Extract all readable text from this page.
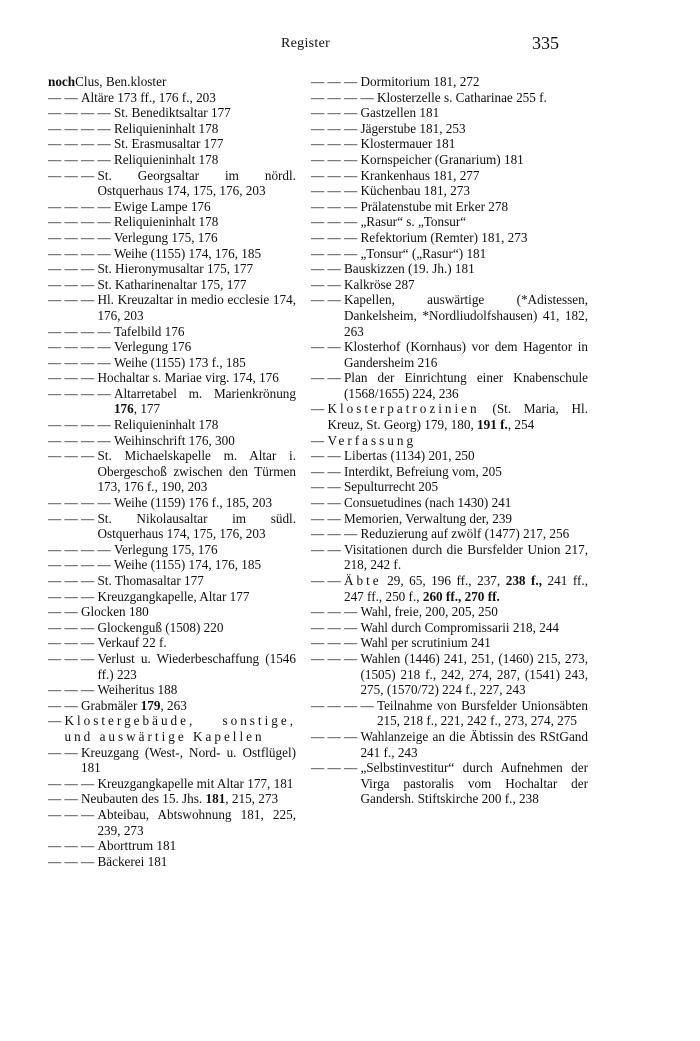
Register	335
noch Clus, Ben.kloster
— — Altäre 173 ff., 176 f., 203
— — — — St. Benediktsaltar 177
— — — — Reliquieninhalt 178
— — — — St. Erasmusaltar 177
— — — — Reliquieninhalt 178
— — — St. Georgsaltar im nördl. Ostquerhaus 174, 175, 176, 203
— — — — Ewige Lampe 176
— — — — Reliquieninhalt 178
— — — — Verlegung 175, 176
— — — — Weihe (1155) 174, 176, 185
— — — St. Hieronymusaltar 175, 177
— — — St. Katharinenaltar 175, 177
— — — Hl. Kreuzaltar in medio ecclesie 174, 176, 203
— — — — Tafelbild 176
— — — — Verlegung 176
— — — — Weihe (1155) 173 f., 185
— — — Hochaltar s. Mariae virg. 174, 176
— — — — Altarretabel m. Marienkrönung 176, 177
— — — — Reliquieninhalt 178
— — — — Weihinschrift 176, 300
— — — St. Michaelskapelle m. Altar i. Obergeschoß zwischen den Türmen 173, 176 f., 190, 203
— — — — Weihe (1159) 176 f., 185, 203
— — — St. Nikolausaltar im südl. Ostquerhaus 174, 175, 176, 203
— — — — Verlegung 175, 176
— — — — Weihe (1155) 174, 176, 185
— — — St. Thomasaltar 177
— — — Kreuzgangkapelle, Altar 177
— — Glocken 180
— — — Glockenguß (1508) 220
— — — Verkauf 22 f.
— — — Verlust u. Wiederbeschaffung (1546 ff.) 223
— — — Weiheritus 188
— — Grabmäler 179, 263
— Klostergebäude, sonstige, und auswärtige Kapellen
— — Kreuzgang (West-, Nord- u. Ostflügel) 181
— — — Kreuzgangkapelle mit Altar 177, 181
— — Neubauten des 15. Jhs. 181, 215, 273
— — — Abteibau, Abtswohnung 181, 225, 239, 273
— — — Aborttrum 181
— — — Bäckerei 181
— — — Dormitorium 181, 272
— — — — Klosterzelle s. Catharinae 255 f.
— — — Gastzellen 181
— — — Jägerstube 181, 253
— — — Klostermauer 181
— — — Kornspeicher (Granarium) 181
— — — Krankenhaus 181, 277
— — — Küchenbau 181, 273
— — — Prälatenstube mit Erker 278
— — — „Rasur“ s. „Tonsur“
— — — Refektorium (Remter) 181, 273
— — — „Tonsur“ („Rasur“) 181
— — Bauskizzen (19. Jh.) 181
— — Kalkröse 287
— — Kapellen, auswärtige (*Adistessen, Dankelsheim, *Nordliudolfshausen) 41, 182, 263
— — Klosterhof (Kornhaus) vor dem Hagentor in Gandersheim 216
— — Plan der Einrichtung einer Knabenschule (1568/1655) 224, 236
— Klosterpatrozinien (St. Maria, Hl. Kreuz, St. Georg) 179, 180, 191 f., 254
— Verfassung
— — Libertas (1134) 201, 250
— — Interdikt, Befreiung vom, 205
— — Sepulturrecht 205
— — Consuetudines (nach 1430) 241
— — Memorien, Verwaltung der, 239
— — — Reduzierung auf zwölf (1477) 217, 256
— — Visitationen durch die Bursfelder Union 217, 218, 242 f.
— — Äbte 29, 65, 196 ff., 237, 238 f., 241 ff., 247 ff., 250 f., 260 ff., 270 ff.
— — — Wahl, freie, 200, 205, 250
— — — Wahl durch Compromissarii 218, 244
— — — Wahl per scrutinium 241
— — — Wahlen (1446) 241, 251, (1460) 215, 273, (1505) 218 f., 242, 274, 287, (1541) 243, 275, (1570/72) 224 f., 227, 243
— — — — Teilnahme von Bursfelder Unionsäbten 215, 218 f., 221, 242 f., 273, 274, 275
— — — Wahlanzeige an die Äbtissin des RStGand 241 f., 243
— — — „Selbstinvestitur“ durch Aufnehmen der Virga pastoralis vom Hochaltar der Gandersh. Stiftskirche 200 f., 238
